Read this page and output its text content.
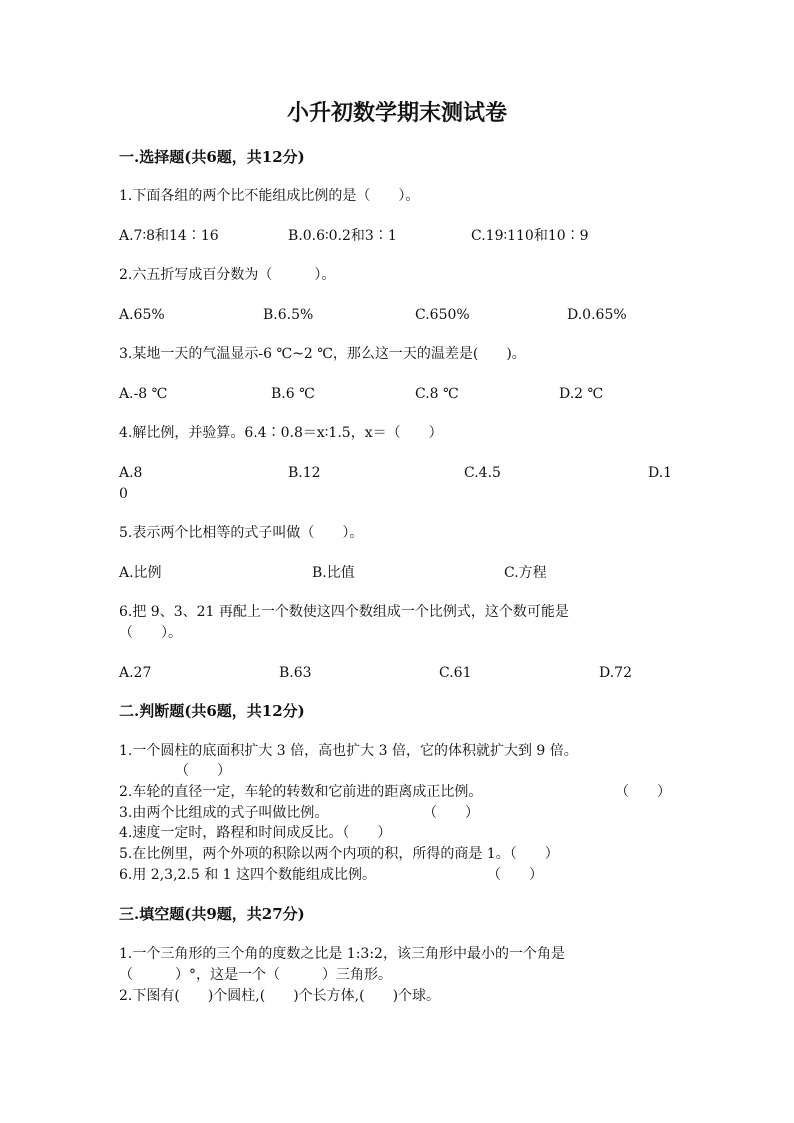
小升初数学期末测试卷

一.选择题(共6题，共12分)

1.下面各组的两个比不能组成比例的是（　　）。

A.7∶8和14∶16	B.0.6∶0.2和3∶1	C.19∶110和10∶9

2.六五折写成百分数为（　　　）。

A.65%	B.6.5%	C.650%	D.0.65%

3.某地一天的气温显示-6 ℃~2 ℃，那么这一天的温差是(　　)。

A.-8 ℃	B.6 ℃	C.8 ℃	D.2 ℃

4.解比例，并验算。6.4∶0.8＝x∶1.5，x＝（　　）

A.8	B.12	C.4.5	D.1

0

5.表示两个比相等的式子叫做（　　）。

A.比例	B.比值	C.方程

6.把 9、3、21 再配上一个数使这四个数组成一个比例式，这个数可能是

（　　）。

A.27	B.63	C.61	D.72

二.判断题(共6题，共12分)

1.一个圆柱的底面积扩大 3 倍，高也扩大 3 倍，它的体积就扩大到 9 倍。

（　　）

2.车轮的直径一定，车轮的转数和它前进的距离成正比例。	（　　）

3.由两个比组成的式子叫做比例。	（　　）

4.速度一定时，路程和时间成反比。（　　）

5.在比例里，两个外项的积除以两个内项的积，所得的商是 1。（　　）

6.用 2,3,2.5 和 1 这四个数能组成比例。	（　　）

三.填空题(共9题，共27分)

1.一个三角形的三个角的度数之比是 1:3:2，该三角形中最小的一个角是

（　　　）°，这是一个（　　　）三角形。

2.下图有(　　)个圆柱,(　　)个长方体,(　　)个球。
